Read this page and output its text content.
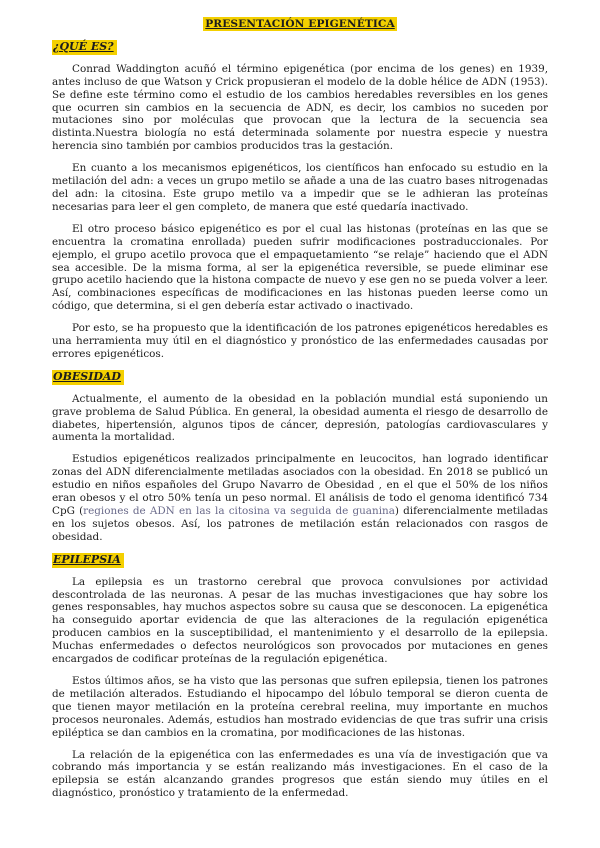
PRESENTACIÓN EPIGENÉTICA
¿QUÉ ES?

Conrad Waddington acuñó el término epigenética (por encima de los genes) en 1939, antes incluso de que Watson y Crick propusieran el modelo de la doble hélice de ADN (1953). Se define este término como el estudio de los cambios heredables reversibles en los genes que ocurren sin cambios en la secuencia de ADN, es decir, los cambios no suceden por mutaciones sino por moléculas que provocan que la lectura de la secuencia sea distinta.Nuestra biología no está determinada solamente por nuestra especie y nuestra herencia sino también por cambios producidos tras la gestación.

En cuanto a los mecanismos epigenéticos, los científicos han enfocado su estudio en la metilación del adn: a veces un grupo metilo se añade a una de las cuatro bases nitrogenadas del adn: la citosina. Este grupo metilo va a impedir que se le adhieran las proteínas necesarias para leer el gen completo, de manera que esté quedaría inactivado.

El otro proceso básico epigenético es por el cual las histonas (proteínas en las que se encuentra la cromatina enrollada) pueden sufrir modificaciones postraduccionales. Por ejemplo, el grupo acetilo provoca que el empaquetamiento “se relaje” haciendo que el ADN sea accesible. De la misma forma, al ser la epigenética reversible, se puede eliminar ese grupo acetilo haciendo que la histona compacte de nuevo y ese gen no se pueda volver a leer. Así, combinaciones específicas de modificaciones en las histonas pueden leerse como un código, que determina, si el gen debería estar activado o inactivado.

Por esto, se ha propuesto que la identificación de los patrones epigenéticos heredables es una herramienta muy útil en el diagnóstico y pronóstico de las enfermedades causadas por errores epigenéticos.

OBESIDAD

Actualmente, el aumento de la obesidad en la población mundial está suponiendo un grave problema de Salud Pública. En general, la obesidad aumenta el riesgo de desarrollo de diabetes, hipertensión, algunos tipos de cáncer, depresión, patologías cardiovasculares y aumenta la mortalidad.

Estudios epigenéticos realizados principalmente en leucocitos, han logrado identificar zonas del ADN diferencialmente metiladas asociados con la obesidad. En 2018 se publicó un estudio en niños españoles del Grupo Navarro de Obesidad , en el que el 50% de los niños eran obesos y el otro 50% tenía un peso normal. El análisis de todo el genoma identificó 734 CpG (regiones de ADN en las la citosina va seguida de guanina) diferencialmente metiladas en los sujetos obesos. Así, los patrones de metilación están relacionados con rasgos de obesidad.

EPILEPSIA

La epilepsia es un trastorno cerebral que provoca convulsiones por actividad descontrolada de las neuronas. A pesar de las muchas investigaciones que hay sobre los genes responsables, hay muchos aspectos sobre su causa que se desconocen. La epigenética ha conseguido aportar evidencia de que las alteraciones de la regulación epigenética producen cambios en la susceptibilidad, el mantenimiento y el desarrollo de la epilepsia. Muchas enfermedades o defectos neurológicos son provocados por mutaciones en genes encargados de codificar proteínas de la regulación epigenética.

Estos últimos años, se ha visto que las personas que sufren epilepsia, tienen los patrones de metilación alterados. Estudiando el hipocampo del lóbulo temporal se dieron cuenta de que tienen mayor metilación en la proteína cerebral reelina, muy importante en muchos procesos neuronales. Además, estudios han mostrado evidencias de que tras sufrir una crisis epiléptica se dan cambios en la cromatina, por modificaciones de las histonas.

La relación de la epigenética con las enfermedades es una vía de investigación que va cobrando más importancia y se están realizando más investigaciones. En el caso de la epilepsia se están alcanzando grandes progresos que están siendo muy útiles en el diagnóstico, pronóstico y tratamiento de la enfermedad.
